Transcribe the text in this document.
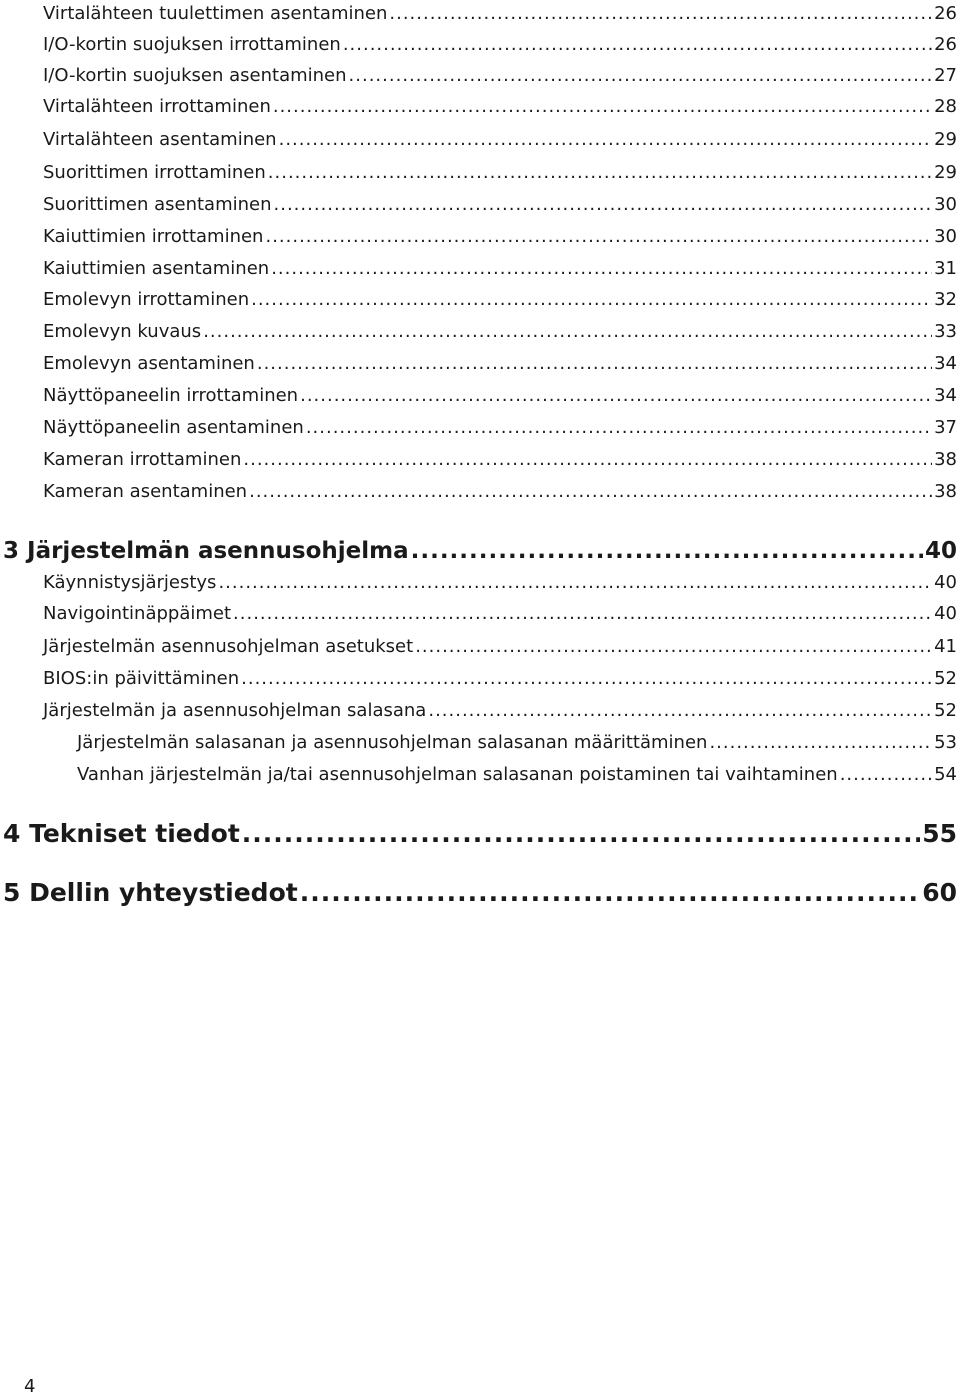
Virtalähteen tuulettimen asentaminen .....	26
I/O-kortin suojuksen irrottaminen .....	26
I/O-kortin suojuksen asentaminen .....	27
Virtalähteen irrottaminen .....	28
Virtalähteen asentaminen .....	29
Suorittimen irrottaminen .....	29
Suorittimen asentaminen .....	30
Kaiuttimien irrottaminen .....	30
Kaiuttimien asentaminen .....	31
Emolevyn irrottaminen .....	32
Emolevyn kuvaus .....	33
Emolevyn asentaminen .....	34
Näyttöpaneelin irrottaminen .....	34
Näyttöpaneelin asentaminen .....	37
Kameran irrottaminen .....	38
Kameran asentaminen .....	38
3 Järjestelmän asennusohjelma .....	40
Käynnistysjärjestys .....	40
Navigointinäppäimet .....	40
Järjestelmän asennusohjelman asetukset .....	41
BIOS:in päivittäminen .....	52
Järjestelmän ja asennusohjelman salasana .....	52
Järjestelmän salasanan ja asennusohjelman salasanan määrittäminen .....	53
Vanhan järjestelmän ja/tai asennusohjelman salasanan poistaminen tai vaihtaminen .....	54
4 Tekniset tiedot .....	55
5 Dellin yhteystiedot .....	60
4
